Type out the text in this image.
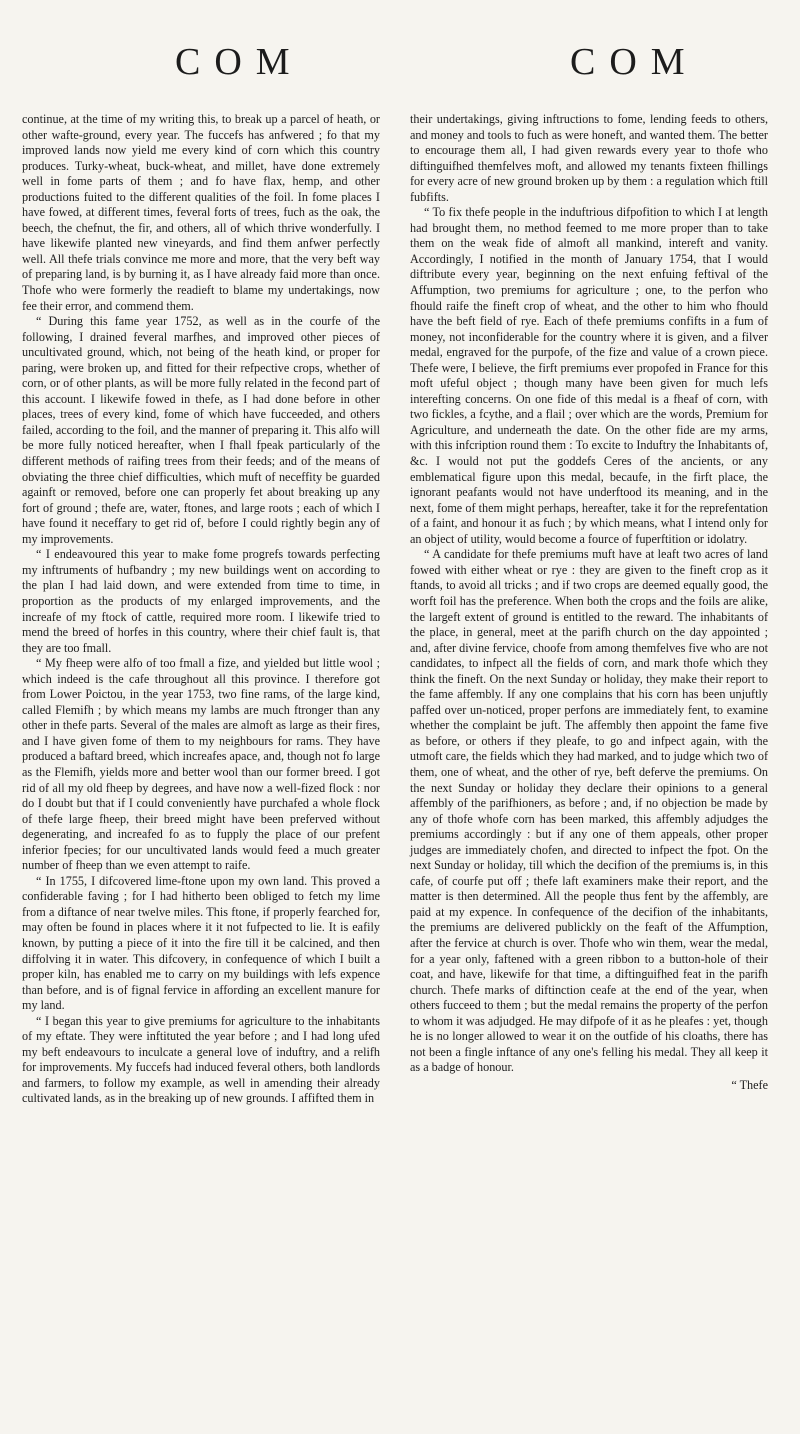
COM	COM

continue, at the time of my writing this, to break up a parcel of heath, or other wafte-ground, every year. The fuccefs has anfwered ; fo that my improved lands now yield me every kind of corn which this country produces. Turky-wheat, buck-wheat, and millet, have done extremely well in fome parts of them ; and fo have flax, hemp, and other productions fuited to the different qualities of the foil. In fome places I have fowed, at different times, feveral forts of trees, fuch as the oak, the beech, the chefnut, the fir, and others, all of which thrive wonderfully. I have likewife planted new vineyards, and find them anfwer perfectly well. All thefe trials convince me more and more, that the very beft way of preparing land, is by burning it, as I have already faid more than once. Thofe who were formerly the readieft to blame my undertakings, now fee their error, and commend them.

“ During this fame year 1752, as well as in the courfe of the following, I drained feveral marfhes, and improved other pieces of uncultivated ground, which, not being of the heath kind, or proper for paring, were broken up, and fitted for their refpective crops, whether of corn, or of other plants, as will be more fully related in the fecond part of this account. I likewife fowed in thefe, as I had done before in other places, trees of every kind, fome of which have fucceeded, and others failed, according to the foil, and the manner of preparing it. This alfo will be more fully noticed hereafter, when I fhall fpeak particularly of the different methods of raifing trees from their feeds; and of the means of obviating the three chief difficulties, which muft of neceffity be guarded againft or removed, before one can properly fet about breaking up any fort of ground ; thefe are, water, ftones, and large roots ; each of which I have found it neceffary to get rid of, before I could rightly begin any of my improvements.

“ I endeavoured this year to make fome progrefs towards perfecting my inftruments of hufbandry ; my new buildings went on according to the plan I had laid down, and were extended from time to time, in proportion as the products of my enlarged improvements, and the increafe of my ftock of cattle, required more room. I likewife tried to mend the breed of horfes in this country, where their chief fault is, that they are too fmall.

“ My fheep were alfo of too fmall a fize, and yielded but little wool ; which indeed is the cafe throughout all this province. I therefore got from Lower Poictou, in the year 1753, two fine rams, of the large kind, called Flemifh ; by which means my lambs are much ftronger than any other in thefe parts. Several of the males are almoft as large as their fires, and I have given fome of them to my neighbours for rams. They have produced a baftard breed, which increafes apace, and, though not fo large as the Flemifh, yields more and better wool than our former breed. I got rid of all my old fheep by degrees, and have now a well-fized flock : nor do I doubt but that if I could conveniently have purchafed a whole flock of thefe large fheep, their breed might have been preferved without degenerating, and increafed fo as to fupply the place of our prefent inferior fpecies; for our uncultivated lands would feed a much greater number of fheep than we even attempt to raife.

“ In 1755, I difcovered lime-ftone upon my own land. This proved a confiderable faving ; for I had hitherto been obliged to fetch my lime from a diftance of near twelve miles. This ftone, if properly fearched for, may often be found in places where it it not fufpected to lie. It is eafily known, by putting a piece of it into the fire till it be calcined, and then diffolving it in water. This difcovery, in confequence of which I built a proper kiln, has enabled me to carry on my buildings with lefs expence than before, and is of fignal fervice in affording an excellent manure for my land.

“ I began this year to give premiums for agriculture to the inhabitants of my eftate. They were inftituted the year before ; and I had long ufed my beft endeavours to inculcate a general love of induftry, and a relifh for improvements. My fuccefs had induced feveral others, both landlords and farmers, to follow my example, as well in amending their already cultivated lands, as in the breaking up of new grounds. I affifted them in

their undertakings, giving inftructions to fome, lending feeds to others, and money and tools to fuch as were honeft, and wanted them. The better to encourage them all, I had given rewards every year to thofe who diftinguifhed themfelves moft, and allowed my tenants fixteen fhillings for every acre of new ground broken up by them : a regulation which ftill fubfifts.

“ To fix thefe people in the induftrious difpofition to which I at length had brought them, no method feemed to me more proper than to take them on the weak fide of almoft all mankind, intereft and vanity. Accordingly, I notified in the month of January 1754, that I would diftribute every year, beginning on the next enfuing feftival of the Affumption, two premiums for agriculture ; one, to the perfon who fhould raife the fineft crop of wheat, and the other to him who fhould have the beft field of rye. Each of thefe premiums confifts in a fum of money, not inconfiderable for the country where it is given, and a filver medal, engraved for the purpofe, of the fize and value of a crown piece. Thefe were, I believe, the firft premiums ever propofed in France for this moft ufeful object ; though many have been given for much lefs interefting concerns. On one fide of this medal is a fheaf of corn, with two fickles, a fcythe, and a flail ; over which are the words, Premium for Agriculture, and underneath the date. On the other fide are my arms, with this infcription round them : To excite to Induftry the Inhabitants of, &c. I would not put the goddefs Ceres of the ancients, or any emblematical figure upon this medal, becaufe, in the firft place, the ignorant peafants would not have underftood its meaning, and in the next, fome of them might perhaps, hereafter, take it for the reprefentation of a faint, and honour it as fuch ; by which means, what I intend only for an object of utility, would become a fource of fuperftition or idolatry.

“ A candidate for thefe premiums muft have at leaft two acres of land fowed with either wheat or rye : they are given to the fineft crop as it ftands, to avoid all tricks ; and if two crops are deemed equally good, the worft foil has the preference. When both the crops and the foils are alike, the largeft extent of ground is entitled to the reward. The inhabitants of the place, in general, meet at the parifh church on the day appointed ; and, after divine fervice, choofe from among themfelves five who are not candidates, to infpect all the fields of corn, and mark thofe which they think the fineft. On the next Sunday or holiday, they make their report to the fame affembly. If any one complains that his corn has been unjuftly paffed over un-noticed, proper perfons are immediately fent, to examine whether the complaint be juft. The affembly then appoint the fame five as before, or others if they pleafe, to go and infpect again, with the utmoft care, the fields which they had marked, and to judge which two of them, one of wheat, and the other of rye, beft deferve the premiums. On the next Sunday or holiday they declare their opinions to a general affembly of the parifhioners, as before ; and, if no objection be made by any of thofe whofe corn has been marked, this affembly adjudges the premiums accordingly : but if any one of them appeals, other proper judges are immediately chofen, and directed to infpect the fpot. On the next Sunday or holiday, till which the decifion of the premiums is, in this cafe, of courfe put off ; thefe laft examiners make their report, and the matter is then determined. All the people thus fent by the affembly, are paid at my expence. In confequence of the decifion of the inhabitants, the premiums are delivered publickly on the feaft of the Affumption, after the fervice at church is over. Thofe who win them, wear the medal, for a year only, faftened with a green ribbon to a button-hole of their coat, and have, likewife for that time, a diftinguifhed feat in the parifh church. Thefe marks of diftinction ceafe at the end of the year, when others fucceed to them ; but the medal remains the property of the perfon to whom it was adjudged. He may difpofe of it as he pleafes : yet, though he is no longer allowed to wear it on the outfide of his cloaths, there has not been a fingle inftance of any one's felling his medal. They all keep it as a badge of honour.

“ Thefe
